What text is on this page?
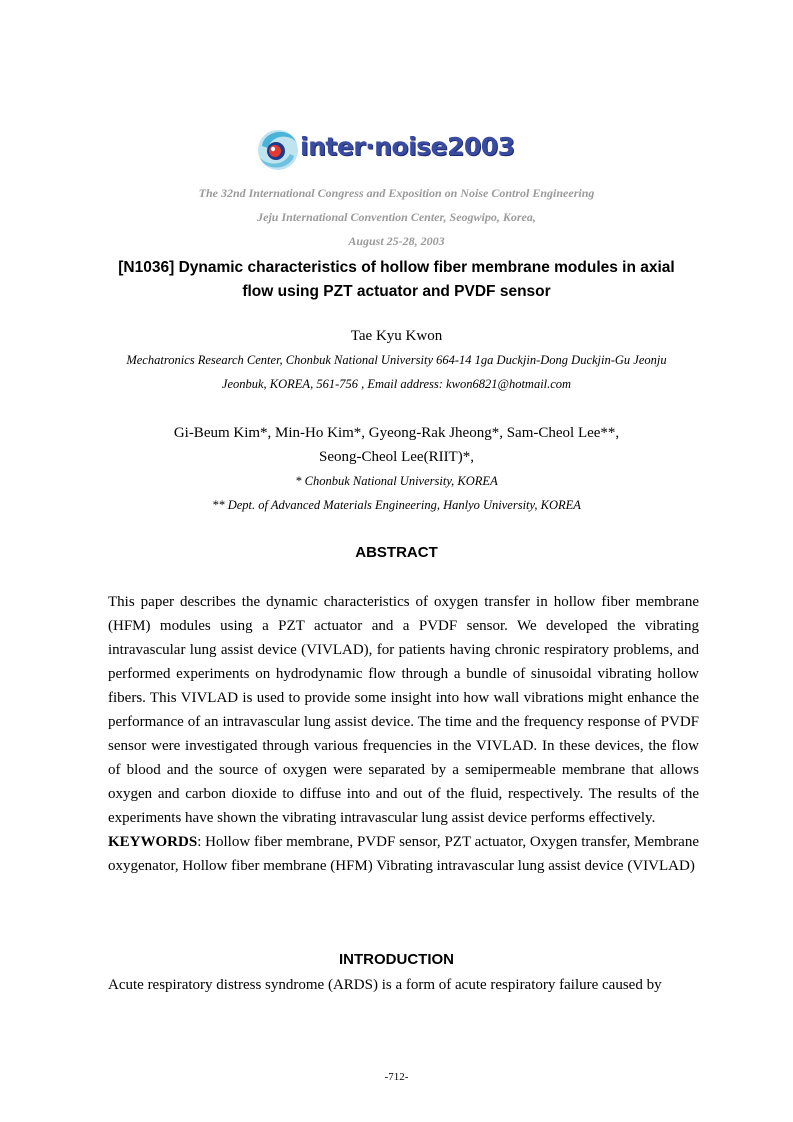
inter·noise2003
The 32nd International Congress and Exposition on Noise Control Engineering
Jeju International Convention Center, Seogwipo, Korea,
August 25-28, 2003
[N1036] Dynamic characteristics of hollow fiber membrane modules in axial
flow using PZT actuator and PVDF sensor
Tae Kyu Kwon
Mechatronics Research Center, Chonbuk National University 664-14 1ga Duckjin-Dong Duckjin-Gu Jeonju
Jeonbuk, KOREA, 561-756 , Email address: kwon6821@hotmail.com
Gi-Beum Kim*, Min-Ho Kim*, Gyeong-Rak Jheong*, Sam-Cheol Lee**,
Seong-Cheol Lee(RIIT)*,
* Chonbuk National University, KOREA
** Dept. of Advanced Materials Engineering, Hanlyo University, KOREA
ABSTRACT
This paper describes the dynamic characteristics of oxygen transfer in hollow fiber membrane (HFM) modules using a PZT actuator and a PVDF sensor. We developed the vibrating intravascular lung assist device (VIVLAD), for patients having chronic respiratory problems, and performed experiments on hydrodynamic flow through a bundle of sinusoidal vibrating hollow fibers. This VIVLAD is used to provide some insight into how wall vibrations might enhance the performance of an intravascular lung assist device. The time and the frequency response of PVDF sensor were investigated through various frequencies in the VIVLAD. In these devices, the flow of blood and the source of oxygen were separated by a semipermeable membrane that allows oxygen and carbon dioxide to diffuse into and out of the fluid, respectively. The results of the experiments have shown the vibrating intravascular lung assist device performs effectively.
KEYWORDS: Hollow fiber membrane, PVDF sensor, PZT actuator, Oxygen transfer, Membrane oxygenator, Hollow fiber membrane (HFM) Vibrating intravascular lung assist device (VIVLAD)
INTRODUCTION
Acute respiratory distress syndrome (ARDS) is a form of acute respiratory failure caused by
-712-
